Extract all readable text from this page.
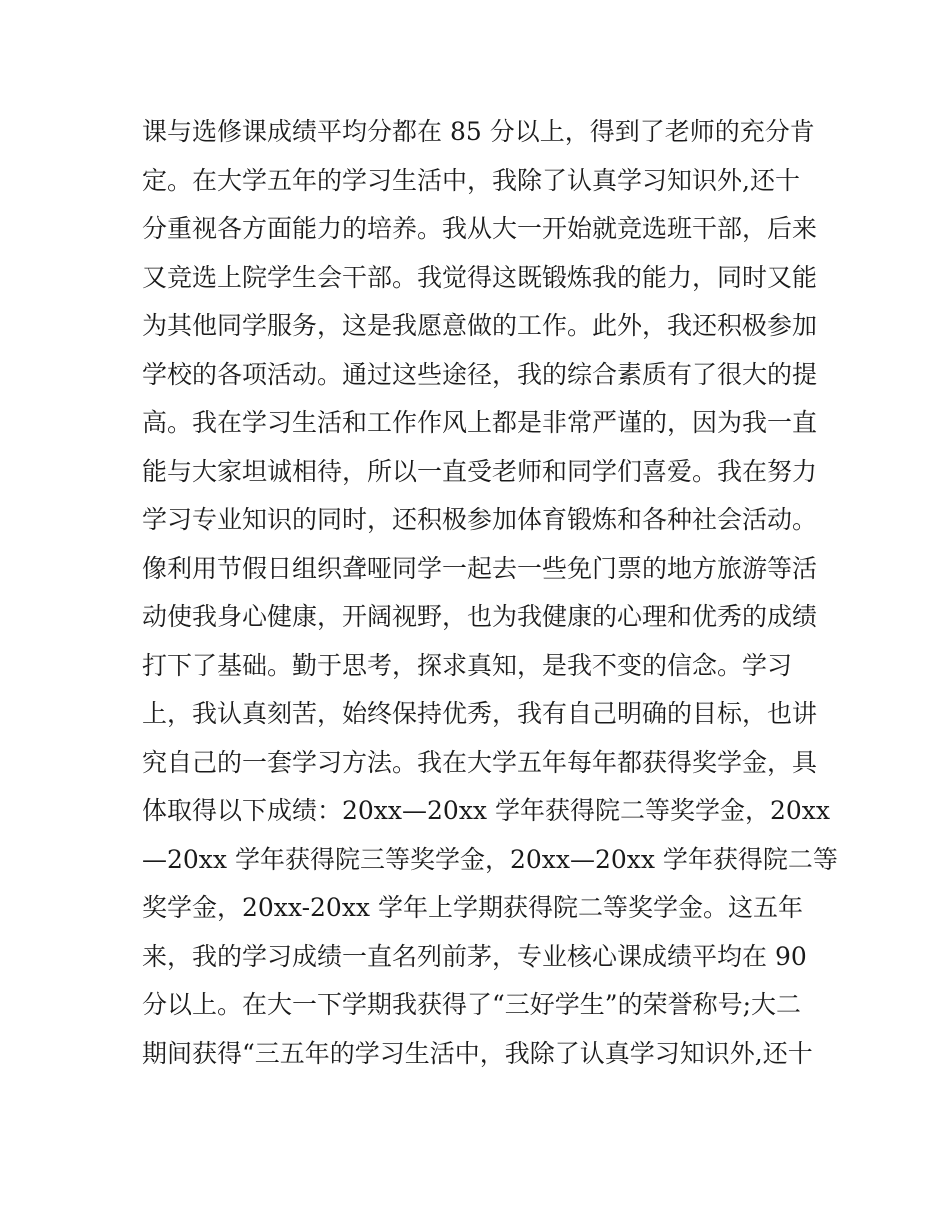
课与选修课成绩平均分都在 85 分以上，得到了老师的充分肯
定。在大学五年的学习生活中，我除了认真学习知识外,还十
分重视各方面能力的培养。我从大一开始就竞选班干部，后来
又竞选上院学生会干部。我觉得这既锻炼我的能力，同时又能
为其他同学服务，这是我愿意做的工作。此外，我还积极参加
学校的各项活动。通过这些途径，我的综合素质有了很大的提
高。我在学习生活和工作作风上都是非常严谨的，因为我一直
能与大家坦诚相待，所以一直受老师和同学们喜爱。我在努力
学习专业知识的同时，还积极参加体育锻炼和各种社会活动。
像利用节假日组织聋哑同学一起去一些免门票的地方旅游等活
动使我身心健康，开阔视野，也为我健康的心理和优秀的成绩
打下了基础。勤于思考，探求真知，是我不变的信念。学习
上，我认真刻苦，始终保持优秀，我有自己明确的目标，也讲
究自己的一套学习方法。我在大学五年每年都获得奖学金，具
体取得以下成绩：20xx—20xx 学年获得院二等奖学金，20xx
—20xx 学年获得院三等奖学金，20xx—20xx 学年获得院二等
奖学金，20xx-20xx 学年上学期获得院二等奖学金。这五年
来，我的学习成绩一直名列前茅，专业核心课成绩平均在 90
分以上。在大一下学期我获得了“三好学生”的荣誉称号;大二
期间获得“三五年的学习生活中，我除了认真学习知识外,还十
